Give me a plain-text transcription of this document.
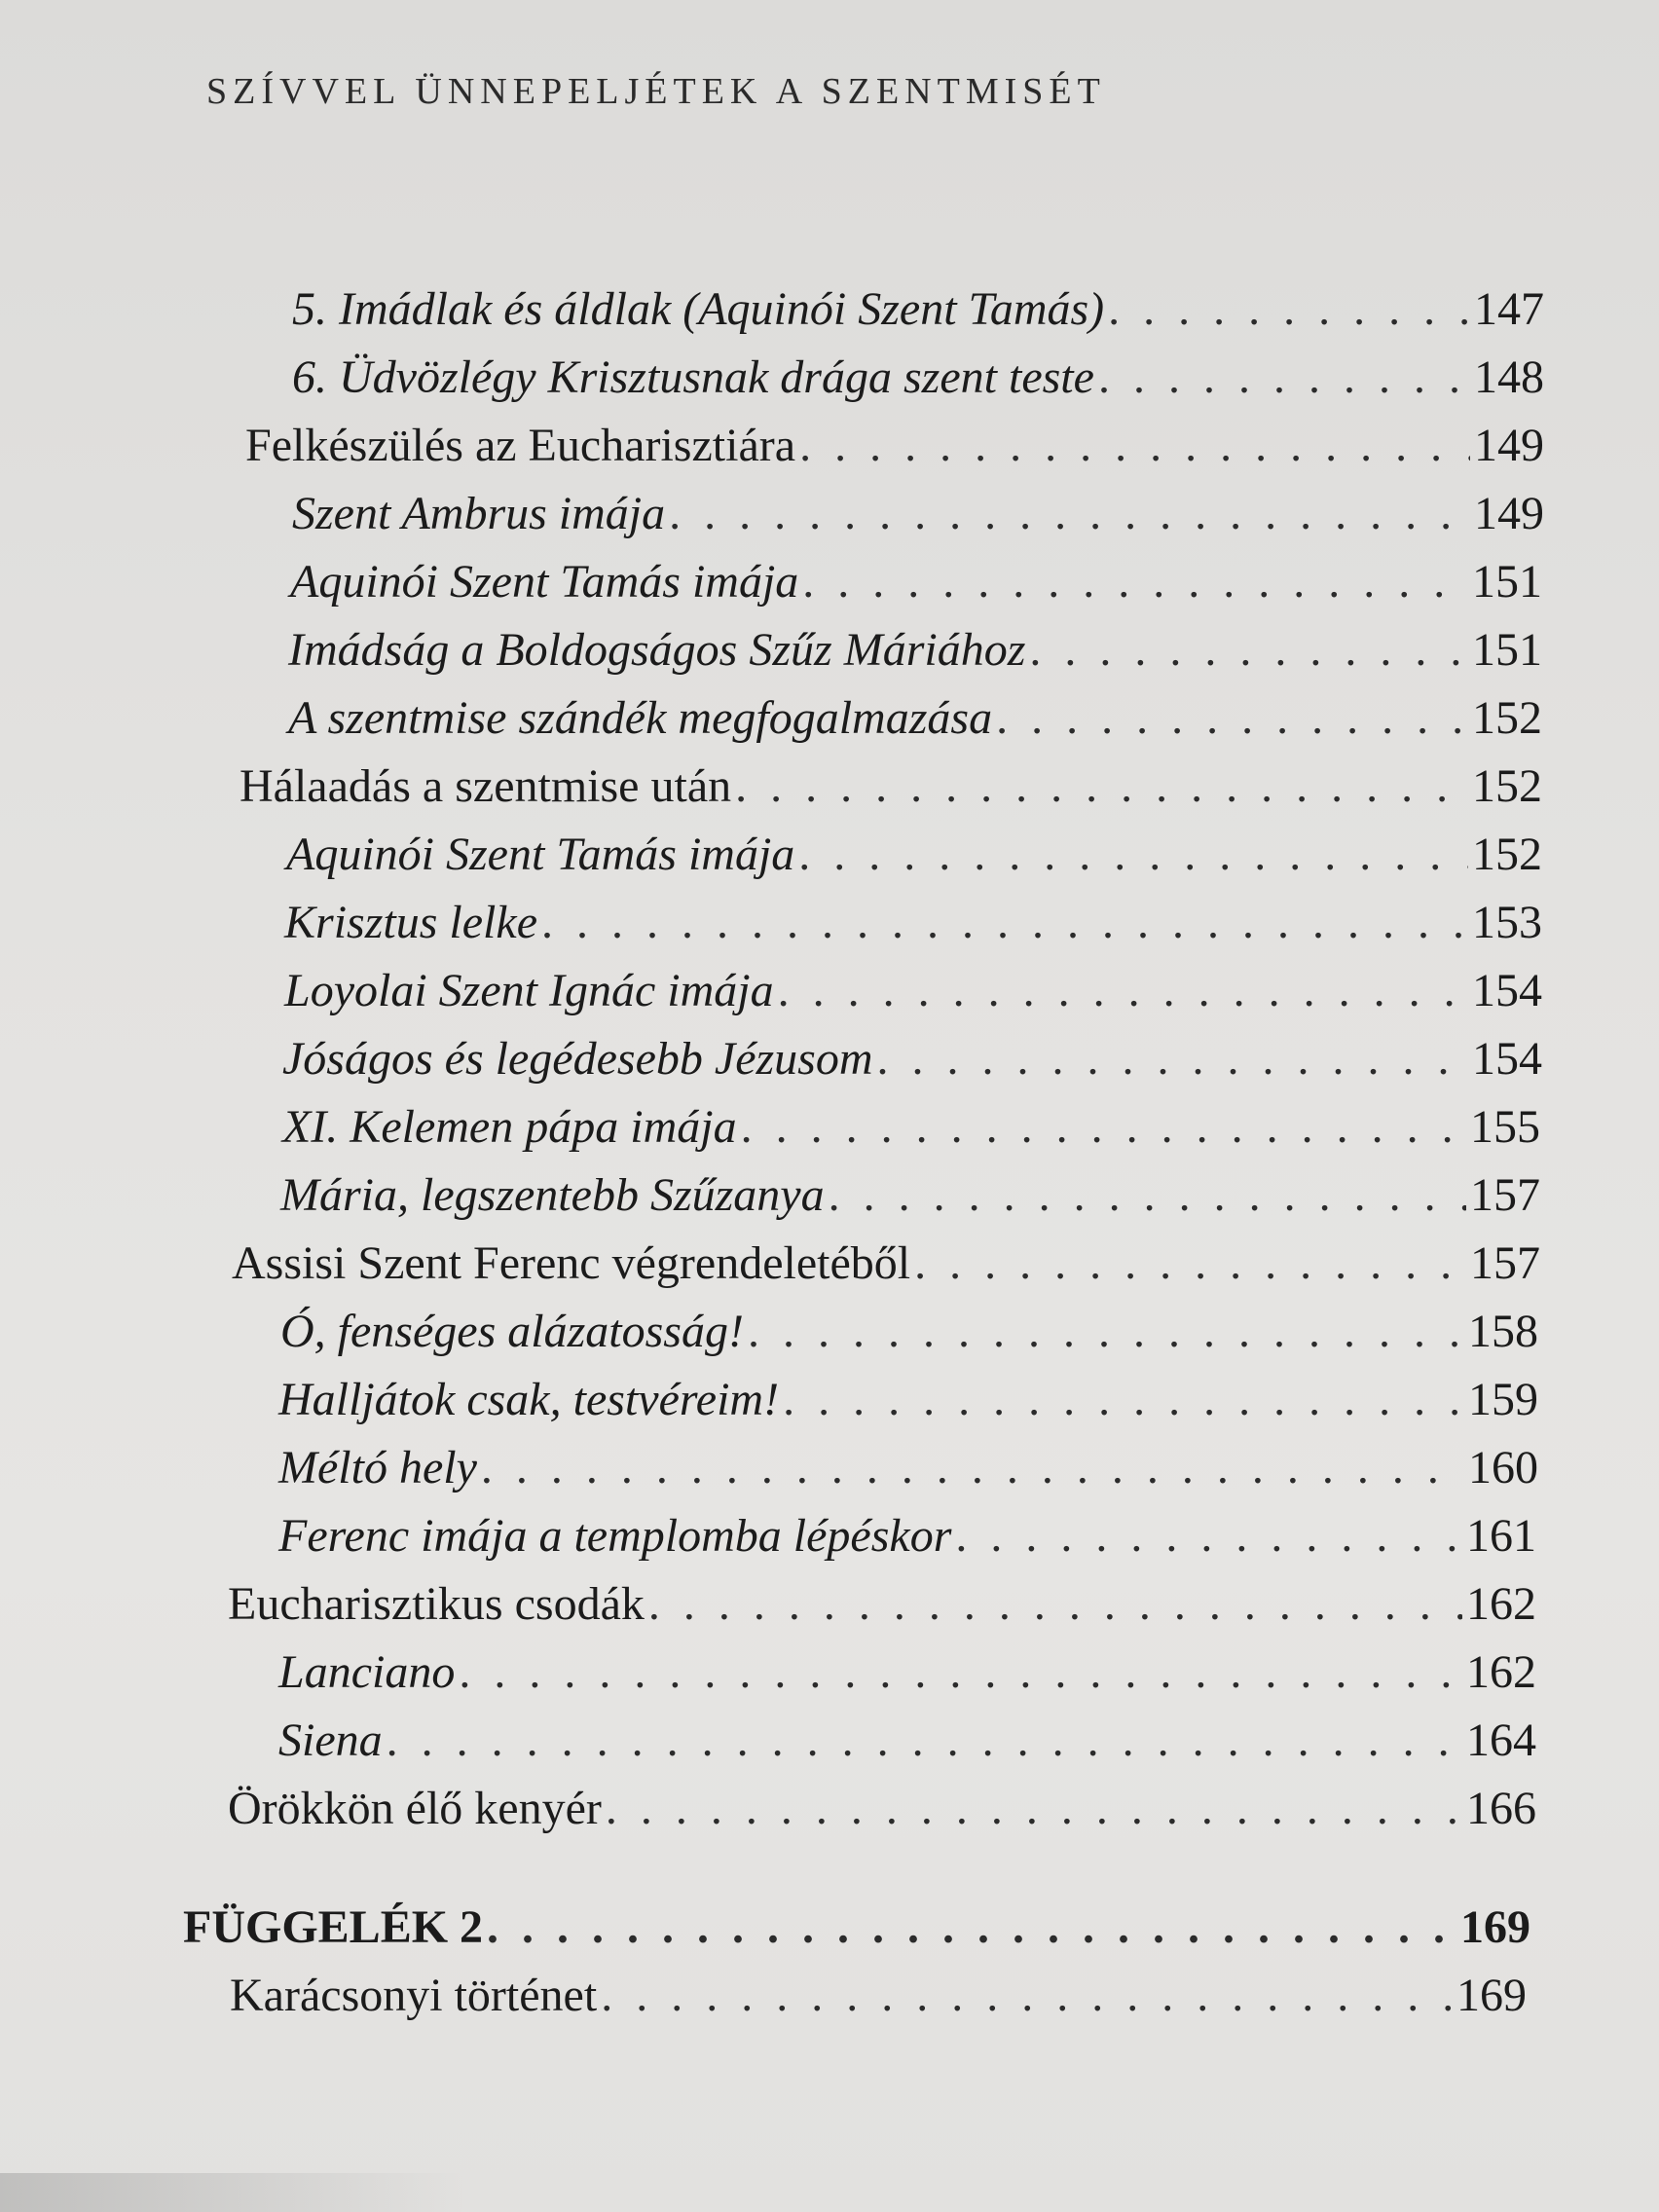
SZÍVVEL ÜNNEPELJÉTEK A SZENTMISÉT
5. Imádlak és áldlak (Aquinói Szent Tamás) . . .	147
6. Üdvözlégy Krisztusnak drága szent teste . . .	148
Felkészülés az Eucharisztiára . . .	149
Szent Ambrus imája . . .	149
Aquinói Szent Tamás imája . . .	151
Imádság a Boldogságos Szűz Máriához . . .	151
A szentmise szándék megfogalmazása . . .	152
Hálaadás a szentmise után . . .	152
Aquinói Szent Tamás imája . . .	152
Krisztus lelke . . .	153
Loyolai Szent Ignác imája . . .	154
Jóságos és legédesebb Jézusom . . .	154
XI. Kelemen pápa imája . . .	155
Mária, legszentebb Szűzanya . . .	157
Assisi Szent Ferenc végrendeletéből . . .	157
Ó, fenséges alázatosság! . . .	158
Halljátok csak, testvéreim! . . .	159
Méltó hely . . .	160
Ferenc imája a templomba lépéskor . . .	161
Eucharisztikus csodák . . .	162
Lanciano . . .	162
Siena . . .	164
Örökkön élő kenyér . . .	166
FÜGGELÉK 2 . . .	169
Karácsonyi történet . . .	169
